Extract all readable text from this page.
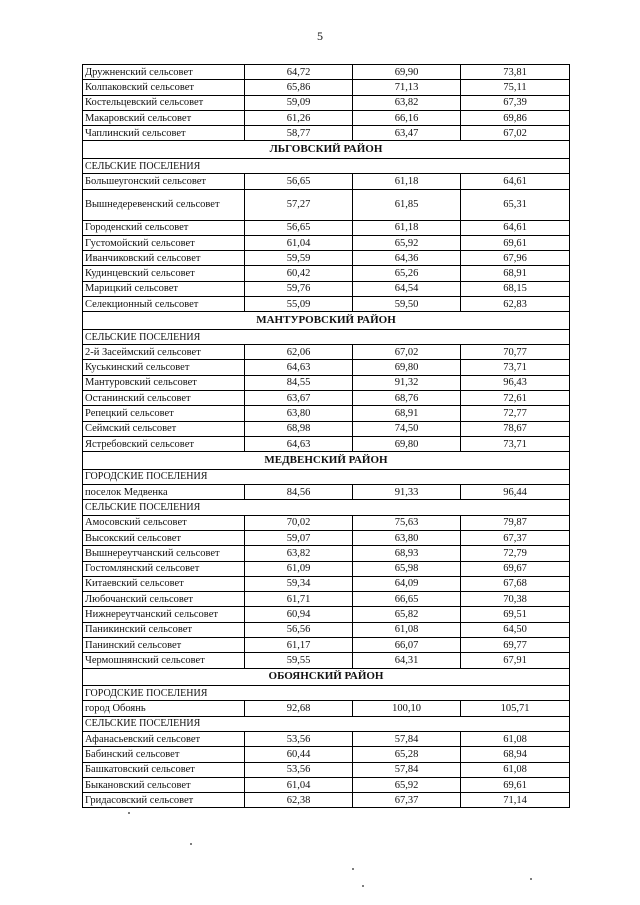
5
Дружненский сельсовет	64,72	69,90	73,81
Колпаковский сельсовет	65,86	71,13	75,11
Костельцевский сельсовет	59,09	63,82	67,39
Макаровский сельсовет	61,26	66,16	69,86
Чаплинский сельсовет	58,77	63,47	67,02
ЛЬГОВСКИЙ РАЙОН			
СЕЛЬСКИЕ ПОСЕЛЕНИЯ			
Большеугонский сельсовет	56,65	61,18	64,61
Вышнедеревенский сельсовет	57,27	61,85	65,31
Городенский сельсовет	56,65	61,18	64,61
Густомойский сельсовет	61,04	65,92	69,61
Иванчиковский сельсовет	59,59	64,36	67,96
Кудинцевский сельсовет	60,42	65,26	68,91
Марицкий сельсовет	59,76	64,54	68,15
Селекционный сельсовет	55,09	59,50	62,83
МАНТУРОВСКИЙ РАЙОН			
СЕЛЬСКИЕ ПОСЕЛЕНИЯ			
2-й Засеймский сельсовет	62,06	67,02	70,77
Куськинский сельсовет	64,63	69,80	73,71
Мантуровский сельсовет	84,55	91,32	96,43
Останинский сельсовет	63,67	68,76	72,61
Репецкий сельсовет	63,80	68,91	72,77
Сеймский сельсовет	68,98	74,50	78,67
Ястребовский сельсовет	64,63	69,80	73,71
МЕДВЕНСКИЙ РАЙОН			
ГОРОДСКИЕ ПОСЕЛЕНИЯ			
поселок Медвенка	84,56	91,33	96,44
СЕЛЬСКИЕ ПОСЕЛЕНИЯ			
Амосовский сельсовет	70,02	75,63	79,87
Высокский сельсовет	59,07	63,80	67,37
Вышнереутчанский сельсовет	63,82	68,93	72,79
Гостомлянский сельсовет	61,09	65,98	69,67
Китаевский сельсовет	59,34	64,09	67,68
Любочанский сельсовет	61,71	66,65	70,38
Нижнереутчанский сельсовет	60,94	65,82	69,51
Паникинский сельсовет	56,56	61,08	64,50
Панинский сельсовет	61,17	66,07	69,77
Чермошнянский сельсовет	59,55	64,31	67,91
ОБОЯНСКИЙ РАЙОН			
ГОРОДСКИЕ ПОСЕЛЕНИЯ			
город Обоянь	92,68	100,10	105,71
СЕЛЬСКИЕ ПОСЕЛЕНИЯ			
Афанасьевский сельсовет	53,56	57,84	61,08
Бабинский сельсовет	60,44	65,28	68,94
Башкатовский сельсовет	53,56	57,84	61,08
Быкановский сельсовет	61,04	65,92	69,61
Гридасовский сельсовет	62,38	67,37	71,14
